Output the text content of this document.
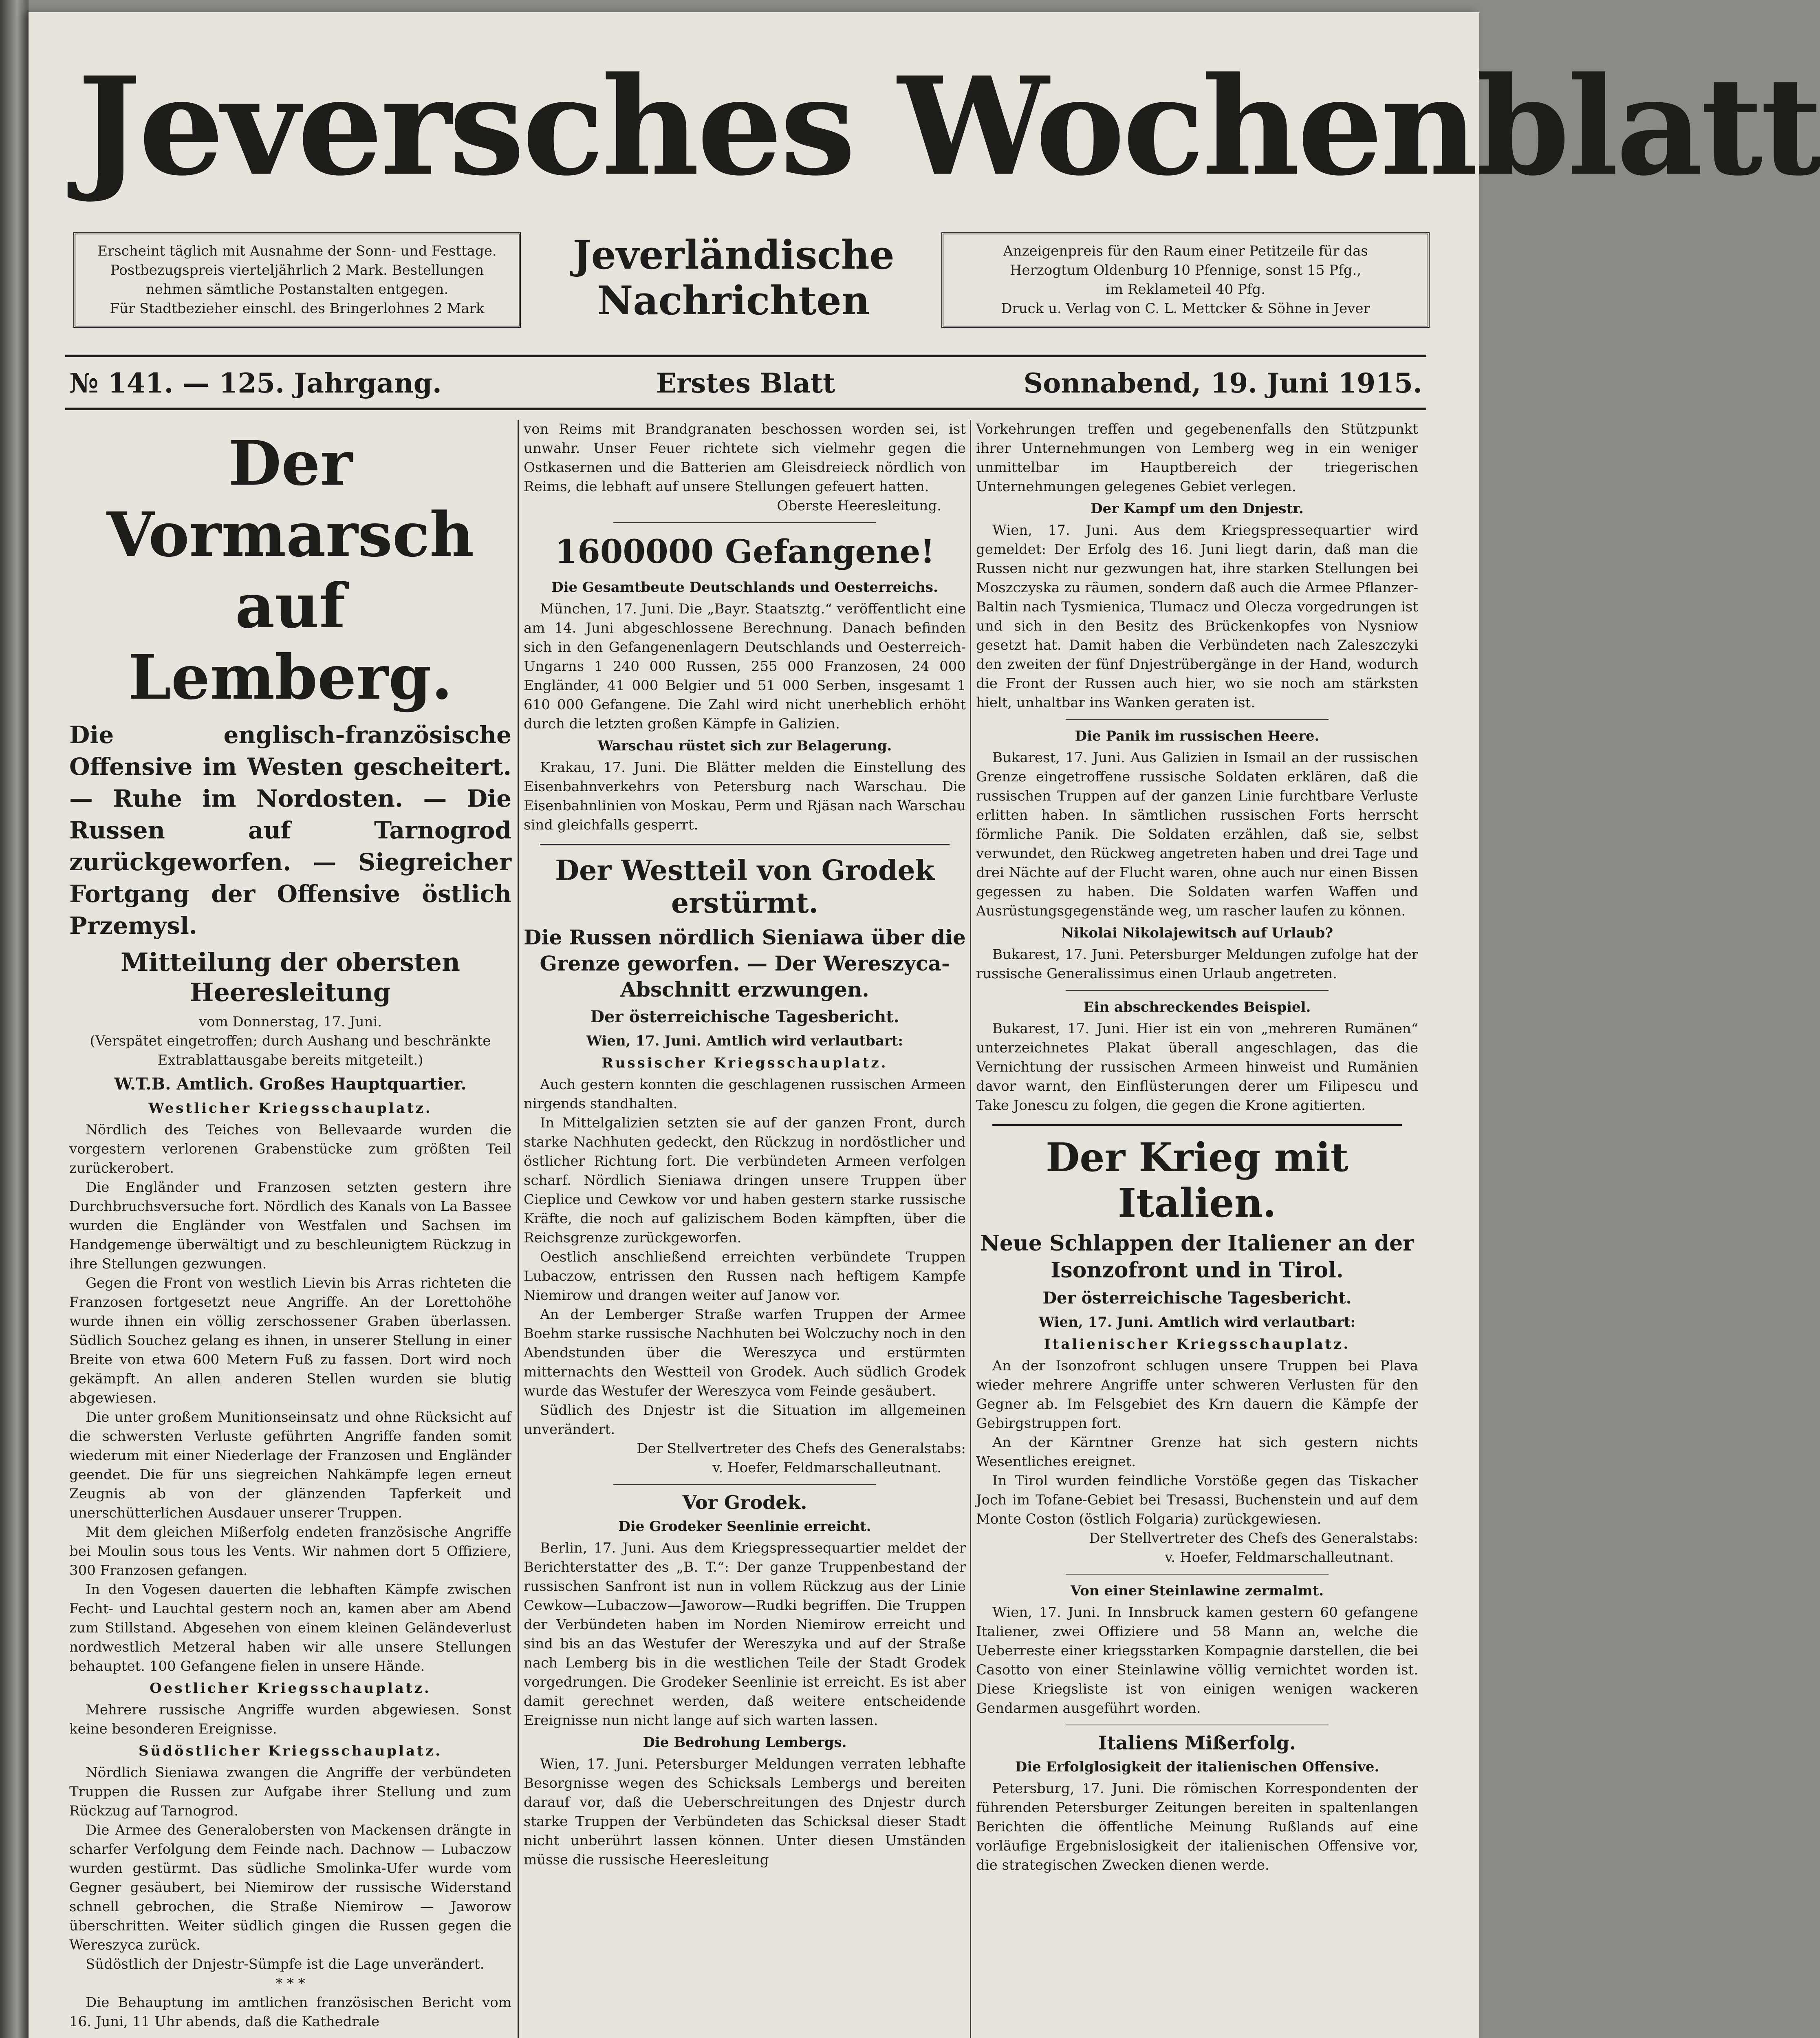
Jeversches Wochenblatt

Erscheint täglich mit Ausnahme der Sonn- und Festtage.

Postbezugspreis vierteljährlich 2 Mark. Bestellungen

nehmen sämtliche Postanstalten entgegen.

Für Stadtbezieher einschl. des Bringerlohnes 2 Mark

Jeverländische Nachrichten

Anzeigenpreis für den Raum einer Petitzeile für das

Herzogtum Oldenburg 10 Pfennige, sonst 15 Pfg.,

im Reklameteil 40 Pfg.

Druck u. Verlag von C. L. Mettcker & Söhne in Jever

№ 141. — 125. Jahrgang.	Erstes Blatt	Sonnabend, 19. Juni 1915.
Der Vormarsch auf Lemberg.
Die englisch-französische Offensive im Westen gescheitert. — Ruhe im Nordosten. — Die Russen auf Tarnogrod zurückgeworfen. — Siegreicher Fortgang der Offensive östlich Przemysl.
Mitteilung der obersten Heeresleitung

vom Donnerstag, 17. Juni.

(Verspätet eingetroffen; durch Aushang und beschränkte Extrablattausgabe bereits mitgeteilt.)

W.T.B. Amtlich. Großes Hauptquartier.
Westlicher Kriegsschauplatz.

Nördlich des Teiches von Bellevaarde wurden die vorgestern verlorenen Grabenstücke zum größten Teil zurückerobert.

Die Engländer und Franzosen setzten gestern ihre Durchbruchsversuche fort. Nördlich des Kanals von La Bassee wurden die Engländer von Westfalen und Sachsen im Handgemenge überwältigt und zu beschleunigtem Rückzug in ihre Stellungen gezwungen.

Gegen die Front von westlich Lievin bis Arras richteten die Franzosen fortgesetzt neue Angriffe. An der Lorettohöhe wurde ihnen ein völlig zerschossener Graben überlassen. Südlich Souchez gelang es ihnen, in unserer Stellung in einer Breite von etwa 600 Metern Fuß zu fassen. Dort wird noch gekämpft. An allen anderen Stellen wurden sie blutig abgewiesen.

Die unter großem Munitionseinsatz und ohne Rücksicht auf die schwersten Verluste geführten Angriffe fanden somit wiederum mit einer Niederlage der Franzosen und Engländer geendet. Die für uns siegreichen Nahkämpfe legen erneut Zeugnis ab von der glänzenden Tapferkeit und unerschütterlichen Ausdauer unserer Truppen.

Mit dem gleichen Mißerfolg endeten französische Angriffe bei Moulin sous tous les Vents. Wir nahmen dort 5 Offiziere, 300 Franzosen gefangen.

In den Vogesen dauerten die lebhaften Kämpfe zwischen Fecht- und Lauchtal gestern noch an, kamen aber am Abend zum Stillstand. Abgesehen von einem kleinen Geländeverlust nordwestlich Metzeral haben wir alle unsere Stellungen behauptet. 100 Gefangene fielen in unsere Hände.

Oestlicher Kriegsschauplatz.

Mehrere russische Angriffe wurden abgewiesen. Sonst keine besonderen Ereignisse.

Südöstlicher Kriegsschauplatz.

Nördlich Sieniawa zwangen die Angriffe der verbündeten Truppen die Russen zur Aufgabe ihrer Stellung und zum Rückzug auf Tarnogrod.

Die Armee des Generalobersten von Mackensen drängte in scharfer Verfolgung dem Feinde nach. Dachnow — Lubaczow wurden gestürmt. Das südliche Smolinka-Ufer wurde vom Gegner gesäubert, bei Niemirow der russische Widerstand schnell gebrochen, die Straße Niemirow — Jaworow überschritten. Weiter südlich gingen die Russen gegen die Wereszyca zurück.

Südöstlich der Dnjestr-Sümpfe ist die Lage unverändert.

* * *

Die Behauptung im amtlichen französischen Bericht vom 16. Juni, 11 Uhr abends, daß die Kathedrale

von Reims mit Brandgranaten beschossen worden sei, ist unwahr. Unser Feuer richtete sich vielmehr gegen die Ostkasernen und die Batterien am Gleisdreieck nördlich von Reims, die lebhaft auf unsere Stellungen gefeuert hatten.

Oberste Heeresleitung.

1600000 Gefangene!
Die Gesamtbeute Deutschlands und Oesterreichs.

München, 17. Juni. Die „Bayr. Staatsztg.“ veröffentlicht eine am 14. Juni abgeschlossene Berechnung. Danach befinden sich in den Gefangenenlagern Deutschlands und Oesterreich-Ungarns 1 240 000 Russen, 255 000 Franzosen, 24 000 Engländer, 41 000 Belgier und 51 000 Serben, insgesamt 1 610 000 Gefangene. Die Zahl wird nicht unerheblich erhöht durch die letzten großen Kämpfe in Galizien.

Warschau rüstet sich zur Belagerung.

Krakau, 17. Juni. Die Blätter melden die Einstellung des Eisenbahnverkehrs von Petersburg nach Warschau. Die Eisenbahnlinien von Moskau, Perm und Rjäsan nach Warschau sind gleichfalls gesperrt.

Der Westteil von Grodek erstürmt.
Die Russen nördlich Sieniawa über die Grenze geworfen. — Der Wereszyca-Abschnitt erzwungen.
Der österreichische Tagesbericht.
Wien, 17. Juni. Amtlich wird verlautbart:
Russischer Kriegsschauplatz.

Auch gestern konnten die geschlagenen russischen Armeen nirgends standhalten.

In Mittelgalizien setzten sie auf der ganzen Front, durch starke Nachhuten gedeckt, den Rückzug in nordöstlicher und östlicher Richtung fort. Die verbündeten Armeen verfolgen scharf. Nördlich Sieniawa dringen unsere Truppen über Cieplice und Cewkow vor und haben gestern starke russische Kräfte, die noch auf galizischem Boden kämpften, über die Reichsgrenze zurückgeworfen.

Oestlich anschließend erreichten verbündete Truppen Lubaczow, entrissen den Russen nach heftigem Kampfe Niemirow und drangen weiter auf Janow vor.

An der Lemberger Straße warfen Truppen der Armee Boehm starke russische Nachhuten bei Wolczuchy noch in den Abendstunden über die Wereszyca und erstürmten mitternachts den Westteil von Grodek. Auch südlich Grodek wurde das Westufer der Wereszyca vom Feinde gesäubert.

Südlich des Dnjestr ist die Situation im allgemeinen unverändert.

Der Stellvertreter des Chefs des Generalstabs:

v. Hoefer, Feldmarschalleutnant.

Vor Grodek.
Die Grodeker Seenlinie erreicht.

Berlin, 17. Juni. Aus dem Kriegspressequartier meldet der Berichterstatter des „B. T.“: Der ganze Truppenbestand der russischen Sanfront ist nun in vollem Rückzug aus der Linie Cewkow—Lubaczow—Jaworow—Rudki begriffen. Die Truppen der Verbündeten haben im Norden Niemirow erreicht und sind bis an das Westufer der Wereszyka und auf der Straße nach Lemberg bis in die westlichen Teile der Stadt Grodek vorgedrungen. Die Grodeker Seenlinie ist erreicht. Es ist aber damit gerechnet werden, daß weitere entscheidende Ereignisse nun nicht lange auf sich warten lassen.

Die Bedrohung Lembergs.

Wien, 17. Juni. Petersburger Meldungen verraten lebhafte Besorgnisse wegen des Schicksals Lembergs und bereiten darauf vor, daß die Ueberschreitungen des Dnjestr durch starke Truppen der Verbündeten das Schicksal dieser Stadt nicht unberührt lassen können. Unter diesen Umständen müsse die russische Heeresleitung

Vorkehrungen treffen und gegebenenfalls den Stützpunkt ihrer Unternehmungen von Lemberg weg in ein weniger unmittelbar im Hauptbereich der triegerischen Unternehmungen gelegenes Gebiet verlegen.

Der Kampf um den Dnjestr.

Wien, 17. Juni. Aus dem Kriegspressequartier wird gemeldet: Der Erfolg des 16. Juni liegt darin, daß man die Russen nicht nur gezwungen hat, ihre starken Stellungen bei Moszczyska zu räumen, sondern daß auch die Armee Pflanzer-Baltin nach Tysmienica, Tlumacz und Olecza vorgedrungen ist und sich in den Besitz des Brückenkopfes von Nysniow gesetzt hat. Damit haben die Verbündeten nach Zaleszczyki den zweiten der fünf Dnjestrübergänge in der Hand, wodurch die Front der Russen auch hier, wo sie noch am stärksten hielt, unhaltbar ins Wanken geraten ist.

Die Panik im russischen Heere.

Bukarest, 17. Juni. Aus Galizien in Ismail an der russischen Grenze eingetroffene russische Soldaten erklären, daß die russischen Truppen auf der ganzen Linie furchtbare Verluste erlitten haben. In sämtlichen russischen Forts herrscht förmliche Panik. Die Soldaten erzählen, daß sie, selbst verwundet, den Rückweg angetreten haben und drei Tage und drei Nächte auf der Flucht waren, ohne auch nur einen Bissen gegessen zu haben. Die Soldaten warfen Waffen und Ausrüstungsgegenstände weg, um rascher laufen zu können.

Nikolai Nikolajewitsch auf Urlaub?

Bukarest, 17. Juni. Petersburger Meldungen zufolge hat der russische Generalissimus einen Urlaub angetreten.

Ein abschreckendes Beispiel.

Bukarest, 17. Juni. Hier ist ein von „mehreren Rumänen“ unterzeichnetes Plakat überall angeschlagen, das die Vernichtung der russischen Armeen hinweist und Rumänien davor warnt, den Einflüsterungen derer um Filipescu und Take Jonescu zu folgen, die gegen die Krone agitierten.

Der Krieg mit Italien.
Neue Schlappen der Italiener an der Isonzofront und in Tirol.
Der österreichische Tagesbericht.
Wien, 17. Juni. Amtlich wird verlautbart:
Italienischer Kriegsschauplatz.

An der Isonzofront schlugen unsere Truppen bei Plava wieder mehrere Angriffe unter schweren Verlusten für den Gegner ab. Im Felsgebiet des Krn dauern die Kämpfe der Gebirgstruppen fort.

An der Kärntner Grenze hat sich gestern nichts Wesentliches ereignet.

In Tirol wurden feindliche Vorstöße gegen das Tiskacher Joch im Tofane-Gebiet bei Tresassi, Buchenstein und auf dem Monte Coston (östlich Folgaria) zurückgewiesen.

Der Stellvertreter des Chefs des Generalstabs:

v. Hoefer, Feldmarschalleutnant.

Von einer Steinlawine zermalmt.

Wien, 17. Juni. In Innsbruck kamen gestern 60 gefangene Italiener, zwei Offiziere und 58 Mann an, welche die Ueberreste einer kriegsstarken Kompagnie darstellen, die bei Casotto von einer Steinlawine völlig vernichtet worden ist. Diese Kriegsliste ist von einigen wenigen wackeren Gendarmen ausgeführt worden.

Italiens Mißerfolg.
Die Erfolglosigkeit der italienischen Offensive.

Petersburg, 17. Juni. Die römischen Korrespondenten der führenden Petersburger Zeitungen bereiten in spaltenlangen Berichten die öffentliche Meinung Rußlands auf eine vorläufige Ergebnislosigkeit der italienischen Offensive vor, die strategischen Zwecken dienen werde.
